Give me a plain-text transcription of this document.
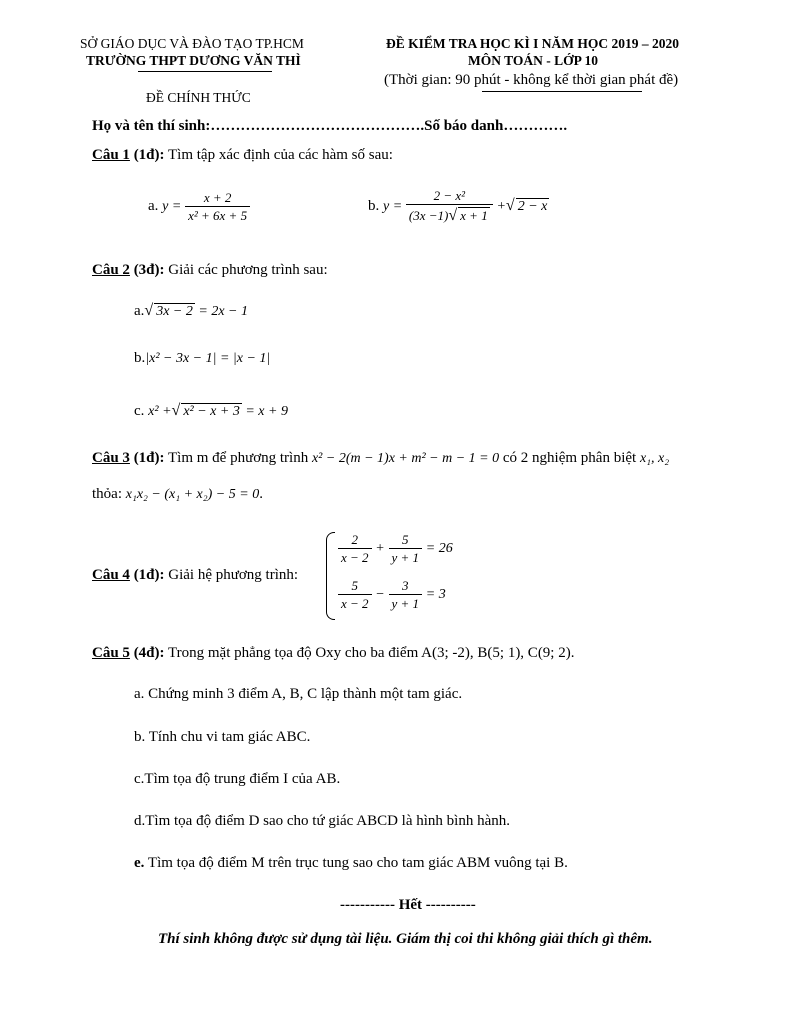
SỞ GIÁO DỤC VÀ ĐÀO TẠO TP.HCM
TRƯỜNG THPT DƯƠNG VĂN THÌ
ĐỀ CHÍNH THỨC
ĐỀ KIỂM TRA HỌC KÌ I NĂM HỌC 2019 – 2020
MÔN TOÁN - LỚP 10
(Thời gian: 90 phút - không kể thời gian phát đề)
Họ và tên thí sinh:…………………………………….Số báo danh………….
Câu 1 (1đ): Tìm tập xác định của các hàm số sau:
a. $y = \frac{x + 2}{\text{x² + 6x + 5}}$	b. $y = \frac{\text{2 − x²}}{(3x -1)√ x + 1}$ +√ 2 − x
Câu 2 (3đ): Giải các phương trình sau:
a.√ 3x − 2 = 2x − 1
b.|x² − 3x − 1| = |x − 1|
c. x² +√ x² − x + 3 = x + 9
Câu 3 (1đ): Tìm m để phương trình x² − 2(m − 1)x + m² − m − 1 = 0 có 2 nghiệm phân biệt x₁, x₂
thỏa: x₁x₂ − (x₁ + x₂) − 5 = 0.
Câu 4 (1đ): Giải hệ phương trình:
$\frac{2}{x - 2} + \frac{5}{y + 1} = 26$
$\frac{5}{x - 2} - \frac{3}{y + 1} = 3$
Câu 5 (4đ): Trong mặt phẳng tọa độ Oxy cho ba điểm A(3; -2), B(5; 1), C(9; 2).
a. Chứng minh 3 điểm A, B, C lập thành một tam giác.
b. Tính chu vi tam giác ABC.
c.Tìm tọa độ trung điểm I của AB.
d.Tìm tọa độ điểm D sao cho tứ giác ABCD là hình bình hành.
e. Tìm tọa độ điểm M trên trục tung sao cho tam giác ABM vuông tại B.
----------- Hết ----------
Thí sinh không được sử dụng tài liệu. Giám thị coi thi không giải thích gì thêm.
